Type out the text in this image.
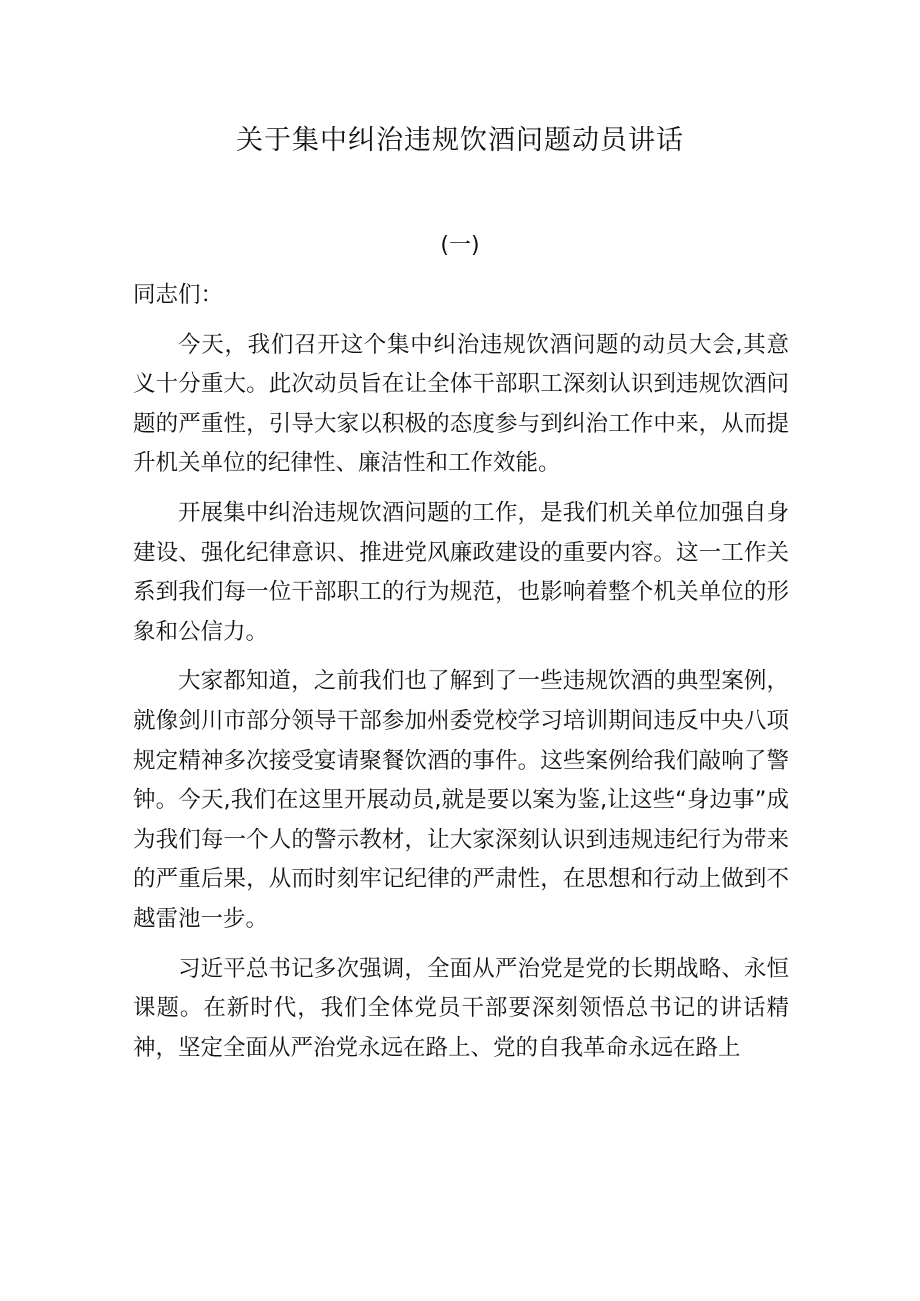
关于集中纠治违规饮酒问题动员讲话

(一)

同志们：

今天，我们召开这个集中纠治违规饮酒问题的动员大会,其意义十分重大。此次动员旨在让全体干部职工深刻认识到违规饮酒问题的严重性，引导大家以积极的态度参与到纠治工作中来，从而提升机关单位的纪律性、廉洁性和工作效能。

开展集中纠治违规饮酒问题的工作，是我们机关单位加强自身建设、强化纪律意识、推进党风廉政建设的重要内容。这一工作关系到我们每一位干部职工的行为规范，也影响着整个机关单位的形象和公信力。

大家都知道，之前我们也了解到了一些违规饮酒的典型案例，就像剑川市部分领导干部参加州委党校学习培训期间违反中央八项规定精神多次接受宴请聚餐饮酒的事件。这些案例给我们敲响了警钟。今天,我们在这里开展动员,就是要以案为鉴,让这些“身边事”成为我们每一个人的警示教材，让大家深刻认识到违规违纪行为带来的严重后果，从而时刻牢记纪律的严肃性，在思想和行动上做到不越雷池一步。

习近平总书记多次强调，全面从严治党是党的长期战略、永恒课题。在新时代，我们全体党员干部要深刻领悟总书记的讲话精神，坚定全面从严治党永远在路上、党的自我革命永远在路上
